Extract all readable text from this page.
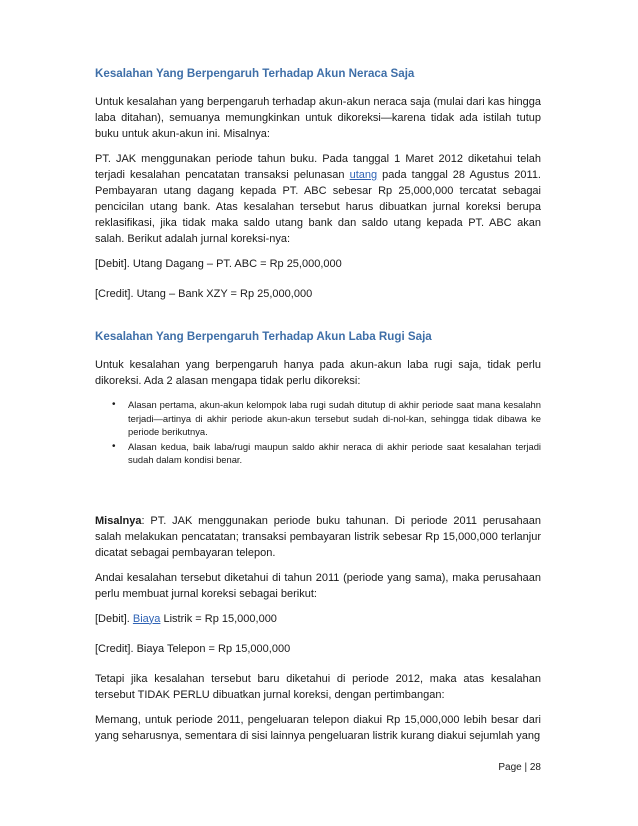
Kesalahan Yang Berpengaruh Terhadap Akun Neraca Saja

Untuk kesalahan yang berpengaruh terhadap akun-akun neraca saja (mulai dari kas hingga laba ditahan), semuanya memungkinkan untuk dikoreksi—karena tidak ada istilah tutup buku untuk akun-akun ini. Misalnya:

PT. JAK menggunakan periode tahun buku. Pada tanggal 1 Maret 2012 diketahui telah terjadi kesalahan pencatatan transaksi pelunasan utang pada tanggal 28 Agustus 2011. Pembayaran utang dagang kepada PT. ABC sebesar Rp 25,000,000 tercatat sebagai pencicilan utang bank. Atas kesalahan tersebut harus dibuatkan jurnal koreksi berupa reklasifikasi, jika tidak maka saldo utang bank dan saldo utang kepada PT. ABC akan salah. Berikut adalah jurnal koreksi-nya:

[Debit]. Utang Dagang – PT. ABC = Rp 25,000,000

[Credit]. Utang – Bank XZY = Rp 25,000,000

Kesalahan Yang Berpengaruh Terhadap Akun Laba Rugi Saja

Untuk kesalahan yang berpengaruh hanya pada akun-akun laba rugi saja, tidak perlu dikoreksi. Ada 2 alasan mengapa tidak perlu dikoreksi:

• Alasan pertama, akun-akun kelompok laba rugi sudah ditutup di akhir periode saat mana kesalahn terjadi—artinya di akhir periode akun-akun tersebut sudah di-nol-kan, sehingga tidak dibawa ke periode berikutnya.
• Alasan kedua, baik laba/rugi maupun saldo akhir neraca di akhir periode saat kesalahan terjadi sudah dalam kondisi benar.

Misalnya: PT. JAK menggunakan periode buku tahunan. Di periode 2011 perusahaan salah melakukan pencatatan; transaksi pembayaran listrik sebesar Rp 15,000,000 terlanjur dicatat sebagai pembayaran telepon.

Andai kesalahan tersebut diketahui di tahun 2011 (periode yang sama), maka perusahaan perlu membuat jurnal koreksi sebagai berikut:

[Debit]. Biaya Listrik = Rp 15,000,000

[Credit]. Biaya Telepon = Rp 15,000,000

Tetapi jika kesalahan tersebut baru diketahui di periode 2012, maka atas kesalahan tersebut TIDAK PERLU dibuatkan jurnal koreksi, dengan pertimbangan:

Memang, untuk periode 2011, pengeluaran telepon diakui Rp 15,000,000 lebih besar dari yang seharusnya, sementara di sisi lainnya pengeluaran listrik kurang diakui sejumlah yang

Page | 28
